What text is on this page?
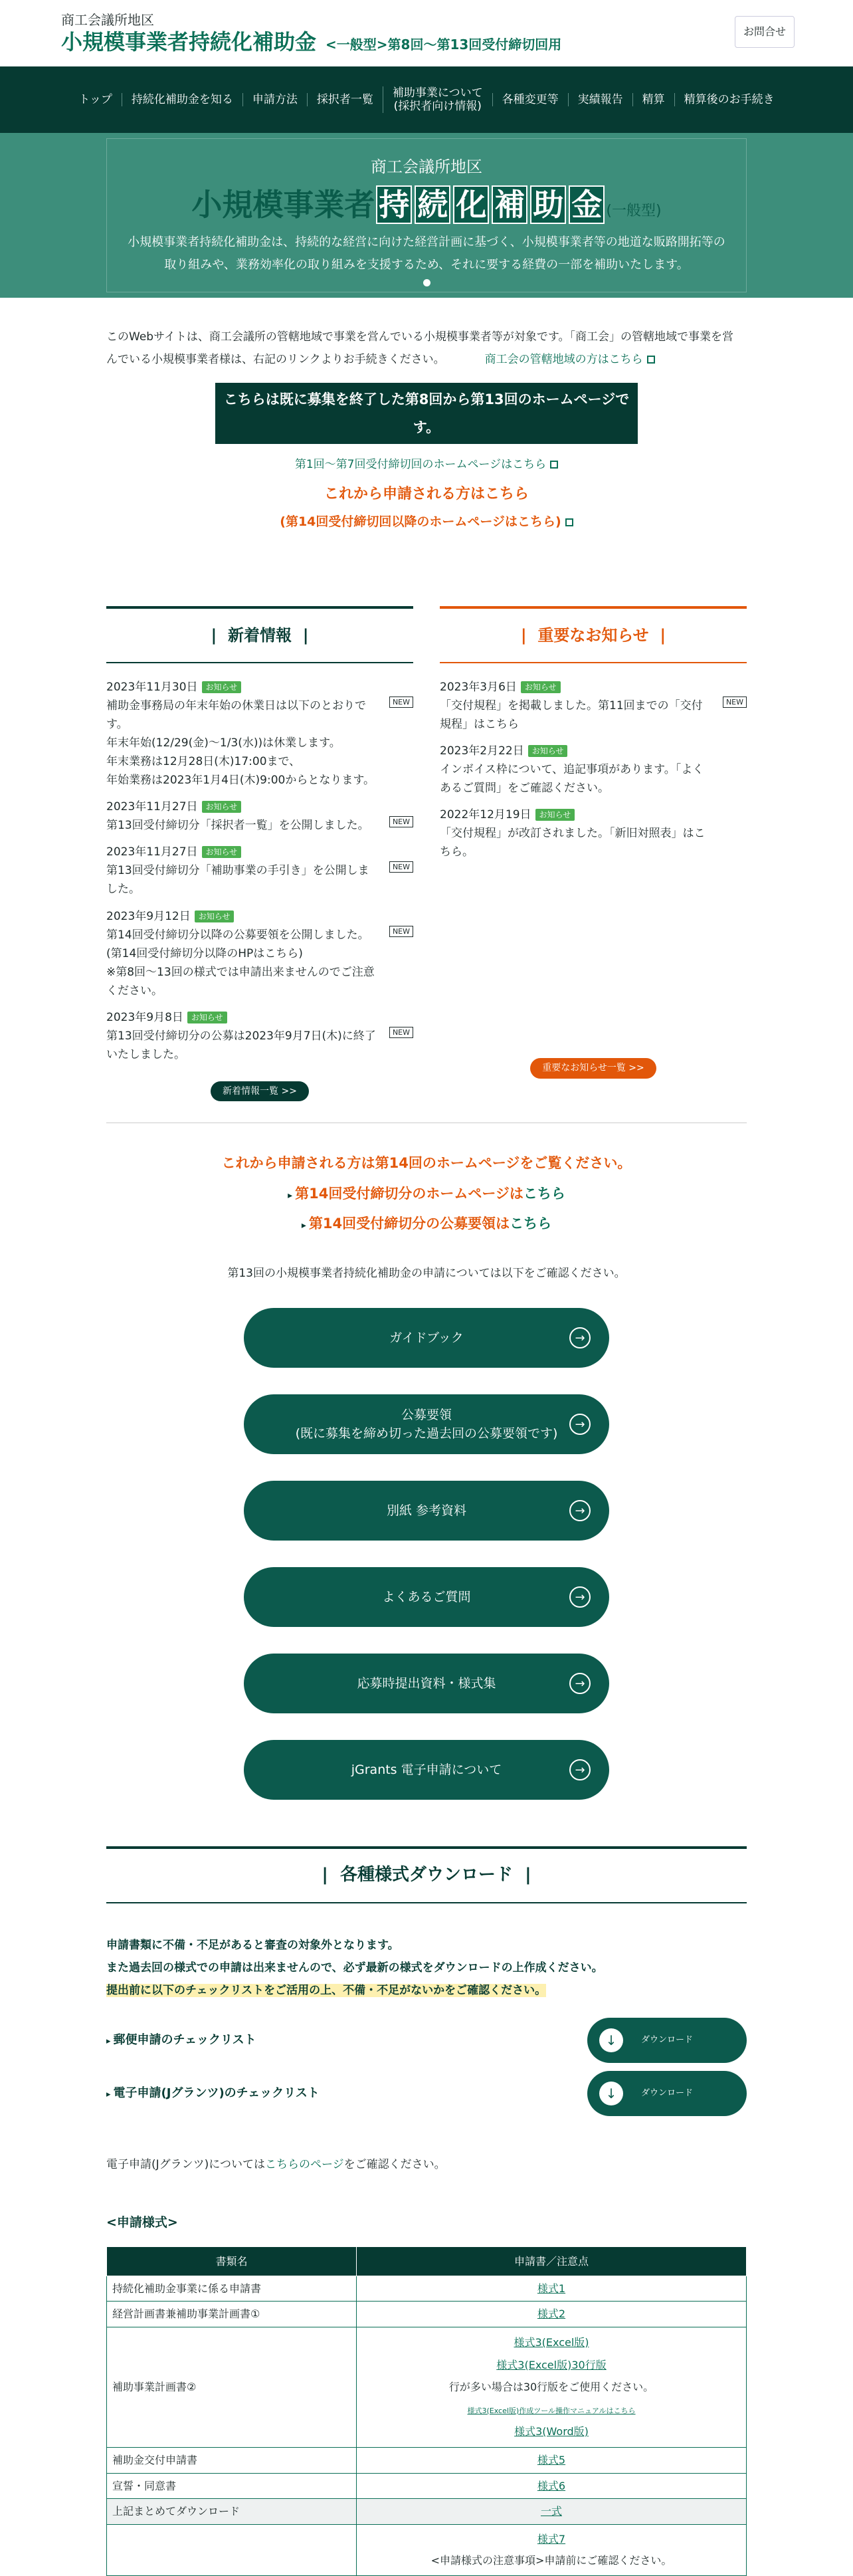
商工会議所地区
小規模事業者持続化補助金 <一般型>第8回〜第13回受付締切回用
お問合せ
トップ	持続化補助金を知る	申請方法	採択者一覧
補助事業について
(採択者向け情報)
各種変更等	実績報告	精算	精算後のお手続き
商工会議所地区
小規模事業者 持 続 化 補 助 金 (一般型)
小規模事業者持続化補助金は、持続的な経営に向けた経営計画に基づく、小規模事業者等の地道な販路開拓等の
取り組みや、業務効率化の取り組みを支援するため、それに要する経費の一部を補助いたします。
このWebサイトは、商工会議所の管轄地域で事業を営んでいる小規模事業者等が対象です。「商工会」の管轄地域で事業を営
んでいる小規模事業者様は、右記のリンクよりお手続きください。	商工会の管轄地域の方はこちら
こちらは既に募集を終了した第8回から第13回のホームページです。
第1回〜第7回受付締切回のホームページはこちら
これから申請される方はこちら
(第14回受付締切回以降のホームページはこちら)
| 新着情報 |
2023年11月30日 お知らせ
NEW
補助金事務局の年末年始の休業日は以下のとおりです。
年末年始(12/29(金)〜1/3(水))は休業します。
年末業務は12月28日(木)17:00まで、
年始業務は2023年1月4日(木)9:00からとなります。
2023年11月27日 お知らせ
NEW
第13回受付締切分「採択者一覧」を公開しました。
2023年11月27日 お知らせ
NEW
第13回受付締切分「補助事業の手引き」を公開しました。
2023年9月12日 お知らせ
NEW
第14回受付締切分以降の公募要領を公開しました。(第14回受付締切分以降のHPはこちら)
※第8回〜13回の様式では申請出来ませんのでご注意ください。
2023年9月8日 お知らせ
NEW
第13回受付締切分の公募は2023年9月7日(木)に終了いたしました。
新着情報一覧 >>
| 重要なお知らせ |
2023年3月6日 お知らせ
NEW
「交付規程」を掲載しました。第11回までの「交付規程」はこちら
2023年2月22日 お知らせ
インボイス枠について、追記事項があります。「よくあるご質問」をご確認ください。
2022年12月19日 お知らせ
「交付規程」が改訂されました。「新旧対照表」はこちら。
重要なお知らせ一覧 >>
これから申請される方は第14回のホームページをご覧ください。
▸ 第14回受付締切分のホームページはこちら
▸ 第14回受付締切分の公募要領はこちら
第13回の小規模事業者持続化補助金の申請については以下をご確認ください。
ガイドブック	→
公募要領
(既に募集を締め切った過去回の公募要領です)
→
別紙 参考資料	→
よくあるご質問	→
応募時提出資料・様式集	→
jGrants 電子申請について	→
| 各種様式ダウンロード |
申請書類に不備・不足があると審査の対象外となります。
また過去回の様式での申請は出来ませんので、必ず最新の様式をダウンロードの上作成ください。
提出前に以下のチェックリストをご活用の上、不備・不足がないかをご確認ください。
▸ 郵便申請のチェックリスト	↓	ダウンロード
▸ 電子申請(Jグランツ)のチェックリスト	↓	ダウンロード
電子申請(Jグランツ)についてはこちらのページをご確認ください。
<申請様式>
書類名	申請書／注意点
持続化補助金事業に係る申請書	様式1
経営計画書兼補助事業計画書①	様式2
補助事業計画書②	様式3(Excel版)
様式3(Excel版)30行版
行が多い場合は30行版をご使用ください。
様式3(Excel版)作成ツール操作マニュアルはこちら
様式3(Word版)

補助金交付申請書	様式5
宣誓・同意書	様式6
上記まとめてダウンロード	一式

	様式7
<申請様式の注意事項>申請前にご確認ください。
